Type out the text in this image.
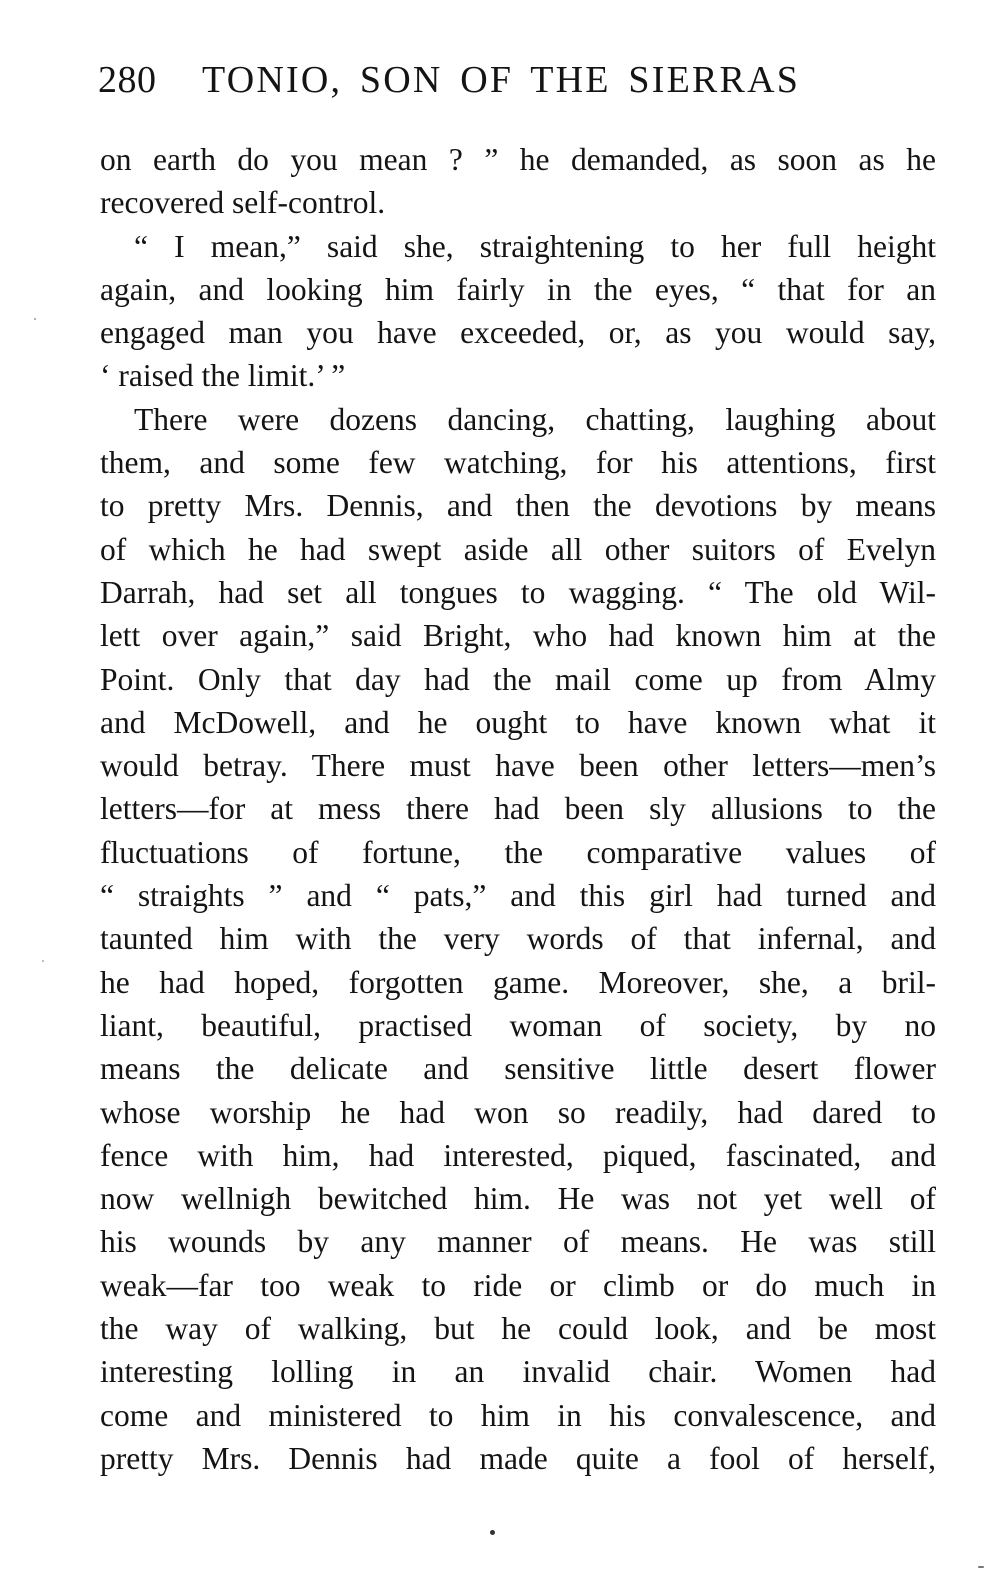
280 TONIO, SON OF THE SIERRAS
on earth do you mean ? ” he demanded, as soon as he
recovered self-control.
“ I mean,” said she, straightening to her full height
again, and looking him fairly in the eyes, “ that for an
engaged man you have exceeded, or, as you would say,
‘ raised the limit.’ ”
There were dozens dancing, chatting, laughing about
them, and some few watching, for his attentions, first
to pretty Mrs. Dennis, and then the devotions by means
of which he had swept aside all other suitors of Evelyn
Darrah, had set all tongues to wagging. “ The old Wil-
lett over again,” said Bright, who had known him at the
Point. Only that day had the mail come up from Almy
and McDowell, and he ought to have known what it
would betray. There must have been other letters—men’s
letters—for at mess there had been sly allusions to the
fluctuations of fortune, the comparative values of
“ straights ” and “ pats,” and this girl had turned and
taunted him with the very words of that infernal, and
he had hoped, forgotten game. Moreover, she, a bril-
liant, beautiful, practised woman of society, by no
means the delicate and sensitive little desert flower
whose worship he had won so readily, had dared to
fence with him, had interested, piqued, fascinated, and
now wellnigh bewitched him. He was not yet well of
his wounds by any manner of means. He was still
weak—far too weak to ride or climb or do much in
the way of walking, but he could look, and be most
interesting lolling in an invalid chair. Women had
come and ministered to him in his convalescence, and
pretty Mrs. Dennis had made quite a fool of herself,
